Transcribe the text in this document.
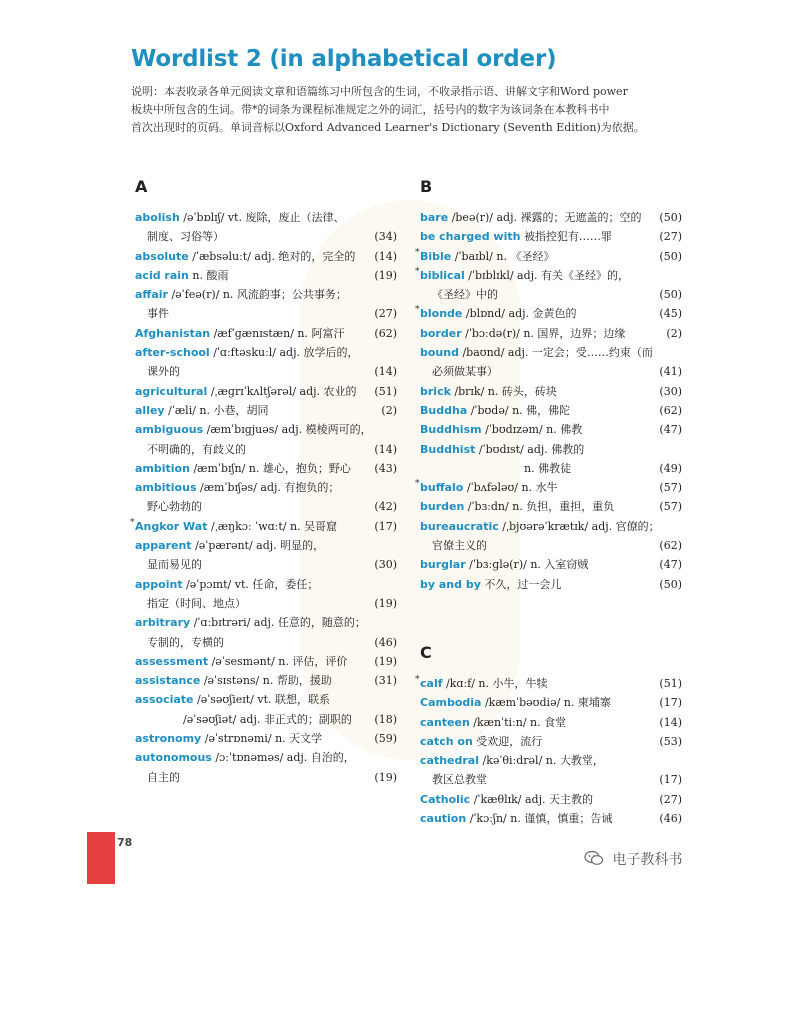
Wordlist 2 (in alphabetical order)
说明：本表收录各单元阅读文章和语篇练习中所包含的生词，不收录指示语、讲解文字和Word power
板块中所包含的生词。带*的词条为课程标准规定之外的词汇，括号内的数字为该词条在本教科书中
首次出现时的页码。单词音标以Oxford Advanced Learner's Dictionary (Seventh Edition)为依据。
A
abolish /əˈbɒlɪʃ/ vt. 废除，废止（法律、
制度、习俗等）	(34)
absolute /ˈæbsəluːt/ adj. 绝对的，完全的 (14)
acid rain n. 酸雨	(19)
affair /əˈfeə(r)/ n. 风流韵事；公共事务；
事件	(27)
Afghanistan /æfˈɡænɪstæn/ n. 阿富汗	(62)
after-school /ˈɑːftəskuːl/ adj. 放学后的，
课外的	(14)
agricultural /ˌæɡrɪˈkʌltʃərəl/ adj. 农业的 (51)
alley /ˈæli/ n. 小巷，胡同	(2)
ambiguous /æmˈbɪɡjuəs/ adj. 模棱两可的，
不明确的，有歧义的	(14)
ambition /æmˈbɪʃn/ n. 雄心，抱负；野心 (43)
ambitious /æmˈbɪʃəs/ adj. 有抱负的；
野心勃勃的	(42)
* Angkor Wat /ˌæŋkɔː ˈwɑːt/ n. 吴哥窟	(17)
apparent /əˈpærənt/ adj. 明显的，
显而易见的	(30)
appoint /əˈpɔɪnt/ vt. 任命，委任；
指定（时间、地点）	(19)
arbitrary /ˈɑːbɪtrəri/ adj. 任意的，随意的；
专制的，专横的	(46)
assessment /əˈsesmənt/ n. 评估，评价 (19)
assistance /əˈsɪstəns/ n. 帮助，援助	(31)
associate /əˈsəʊʃieɪt/ vt. 联想，联系
/əˈsəʊʃiət/ adj. 非正式的；副职的 (18)
astronomy /əˈstrɒnəmi/ n. 天文学	(59)
autonomous /ɔːˈtɒnəməs/ adj. 自治的，
自主的	(19)
B
bare /beə(r)/ adj. 裸露的；无遮盖的；空的 (50)
be charged with 被指控犯有……罪	(27)
* Bible /ˈbaɪbl/ n. 《圣经》	(50)
* biblical /ˈbɪblɪkl/ adj. 有关《圣经》的，
《圣经》中的	(50)
* blonde /blɒnd/ adj. 金黄色的	(45)
border /ˈbɔːdə(r)/ n. 国界，边界；边缘	(2)
bound /baʊnd/ adj. 一定会；受……约束（而
必须做某事）	(41)
brick /brɪk/ n. 砖头，砖块	(30)
Buddha /ˈbʊdə/ n. 佛，佛陀	(62)
Buddhism /ˈbʊdɪzəm/ n. 佛教	(47)
Buddhist /ˈbʊdɪst/ adj. 佛教的
n. 佛教徒	(49)
* buffalo /ˈbʌfələʊ/ n. 水牛	(57)
burden /ˈbɜːdn/ n. 负担，重担，重负	(57)
bureaucratic /ˌbjʊərəˈkrætɪk/ adj. 官僚的；
官僚主义的	(62)
burglar /ˈbɜːɡlə(r)/ n. 入室窃贼	(47)
by and by 不久，过一会儿	(50)
C
* calf /kɑːf/ n. 小牛，牛犊	(51)
Cambodia /kæmˈbəʊdiə/ n. 柬埔寨	(17)
canteen /kænˈtiːn/ n. 食堂	(14)
catch on 受欢迎，流行	(53)
cathedral /kəˈθiːdrəl/ n. 大教堂，
教区总教堂	(17)
Catholic /ˈkæθlɪk/ adj. 天主教的	(27)
caution /ˈkɔːʃn/ n. 谨慎，慎重；告诫	(46)
78
电子教科书
